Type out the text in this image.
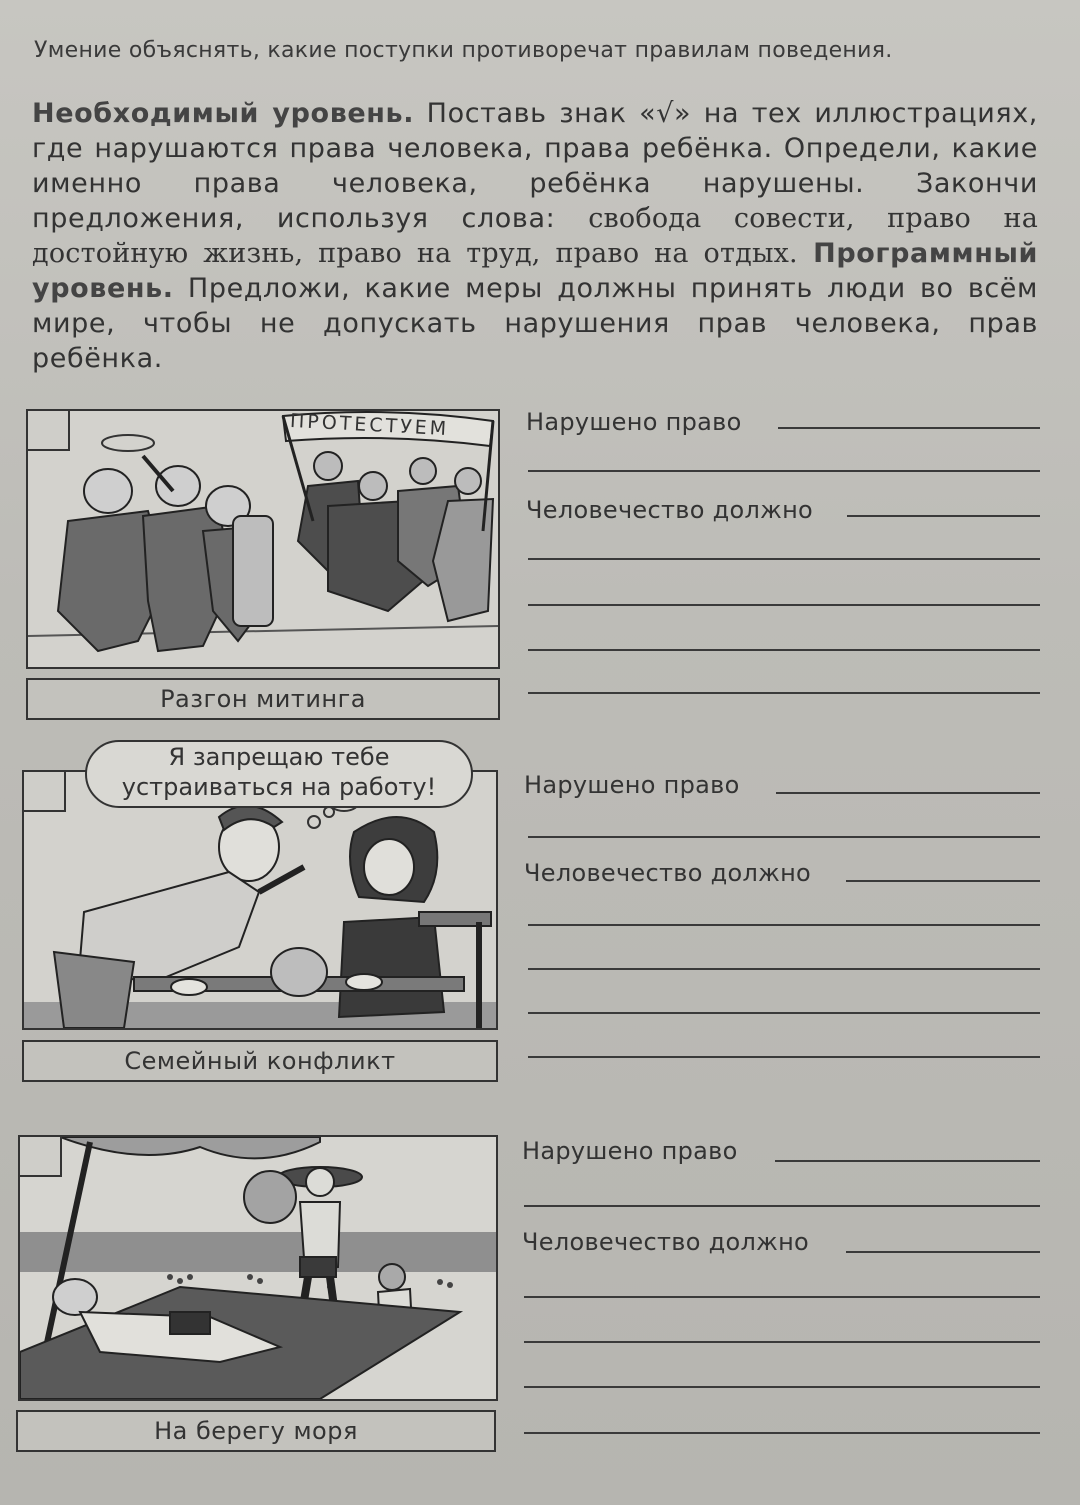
Умение объяснять, какие поступки противоречат правилам поведения.
Необходимый уровень. Поставь знак «√» на тех иллюстрациях, где нарушаются права человека, права ребёнка. Определи, какие именно права человека, ребёнка нарушены. Закончи предложения, используя слова: свобода совести, право на достойную жизнь, право на труд, право на отдых. Программный уровень. Предложи, какие меры должны принять люди во всём мире, чтобы не допускать нарушения прав человека, прав ребёнка.
ПРОТЕСТУЕМ
Разгон митинга
Нарушено право
Человечество должно
Я запрещаю тебе
устраиваться на работу!
Семейный конфликт
Нарушено право
Человечество должно
На берегу моря
Нарушено право
Человечество должно
